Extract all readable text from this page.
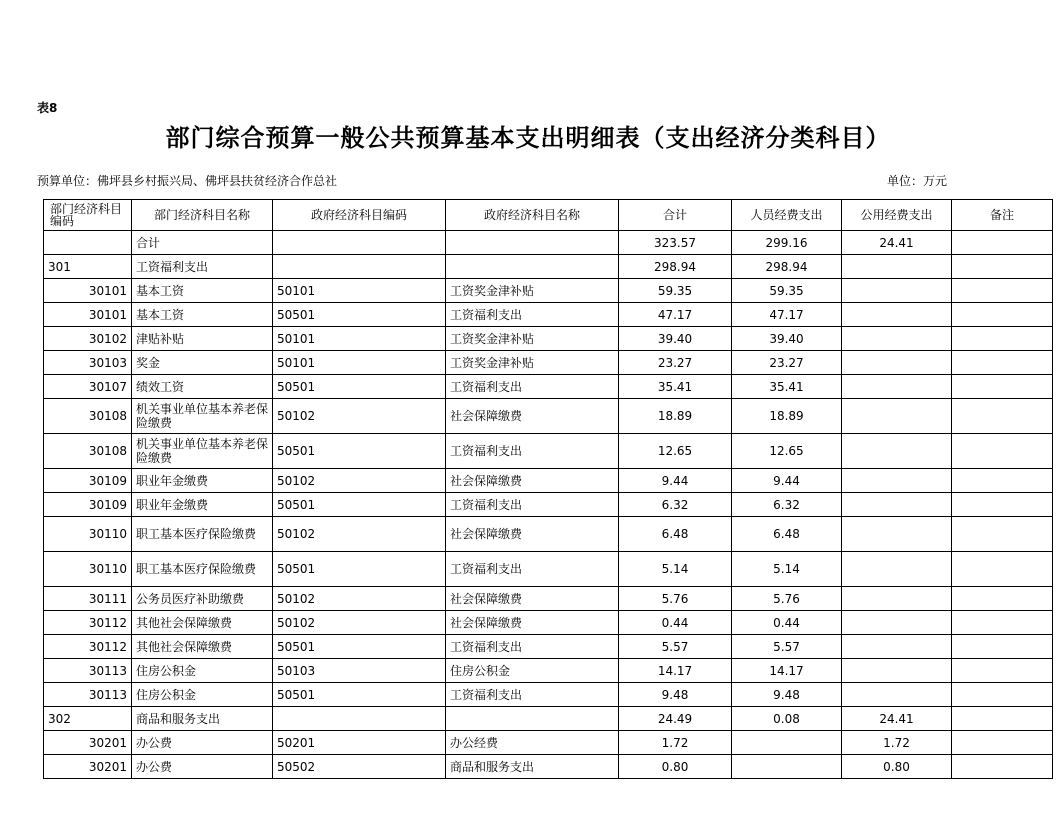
表8
部门综合预算一般公共预算基本支出明细表（支出经济分类科目）
预算单位：佛坪县乡村振兴局、佛坪县扶贫经济合作总社	单位：万元
部门经济科目编码	部门经济科目名称	政府经济科目编码	政府经济科目名称	合计	人员经费支出	公用经费支出	备注
	合计			323.57	299.16	24.41	
301	工资福利支出			298.94	298.94		
30101	基本工资	50101	工资奖金津补贴	59.35	59.35		
30101	基本工资	50501	工资福利支出	47.17	47.17		
30102	津贴补贴	50101	工资奖金津补贴	39.40	39.40		
30103	奖金	50101	工资奖金津补贴	23.27	23.27		
30107	绩效工资	50501	工资福利支出	35.41	35.41		
30108	机关事业单位基本养老保险缴费	50102	社会保障缴费	18.89	18.89		
30108	机关事业单位基本养老保险缴费	50501	工资福利支出	12.65	12.65		
30109	职业年金缴费	50102	社会保障缴费	9.44	9.44		
30109	职业年金缴费	50501	工资福利支出	6.32	6.32		
30110	职工基本医疗保险缴费	50102	社会保障缴费	6.48	6.48		
30110	职工基本医疗保险缴费	50501	工资福利支出	5.14	5.14		
30111	公务员医疗补助缴费	50102	社会保障缴费	5.76	5.76		
30112	其他社会保障缴费	50102	社会保障缴费	0.44	0.44		
30112	其他社会保障缴费	50501	工资福利支出	5.57	5.57		
30113	住房公积金	50103	住房公积金	14.17	14.17		
30113	住房公积金	50501	工资福利支出	9.48	9.48		
302	商品和服务支出			24.49	0.08	24.41	
30201	办公费	50201	办公经费	1.72		1.72	
30201	办公费	50502	商品和服务支出	0.80		0.80	
